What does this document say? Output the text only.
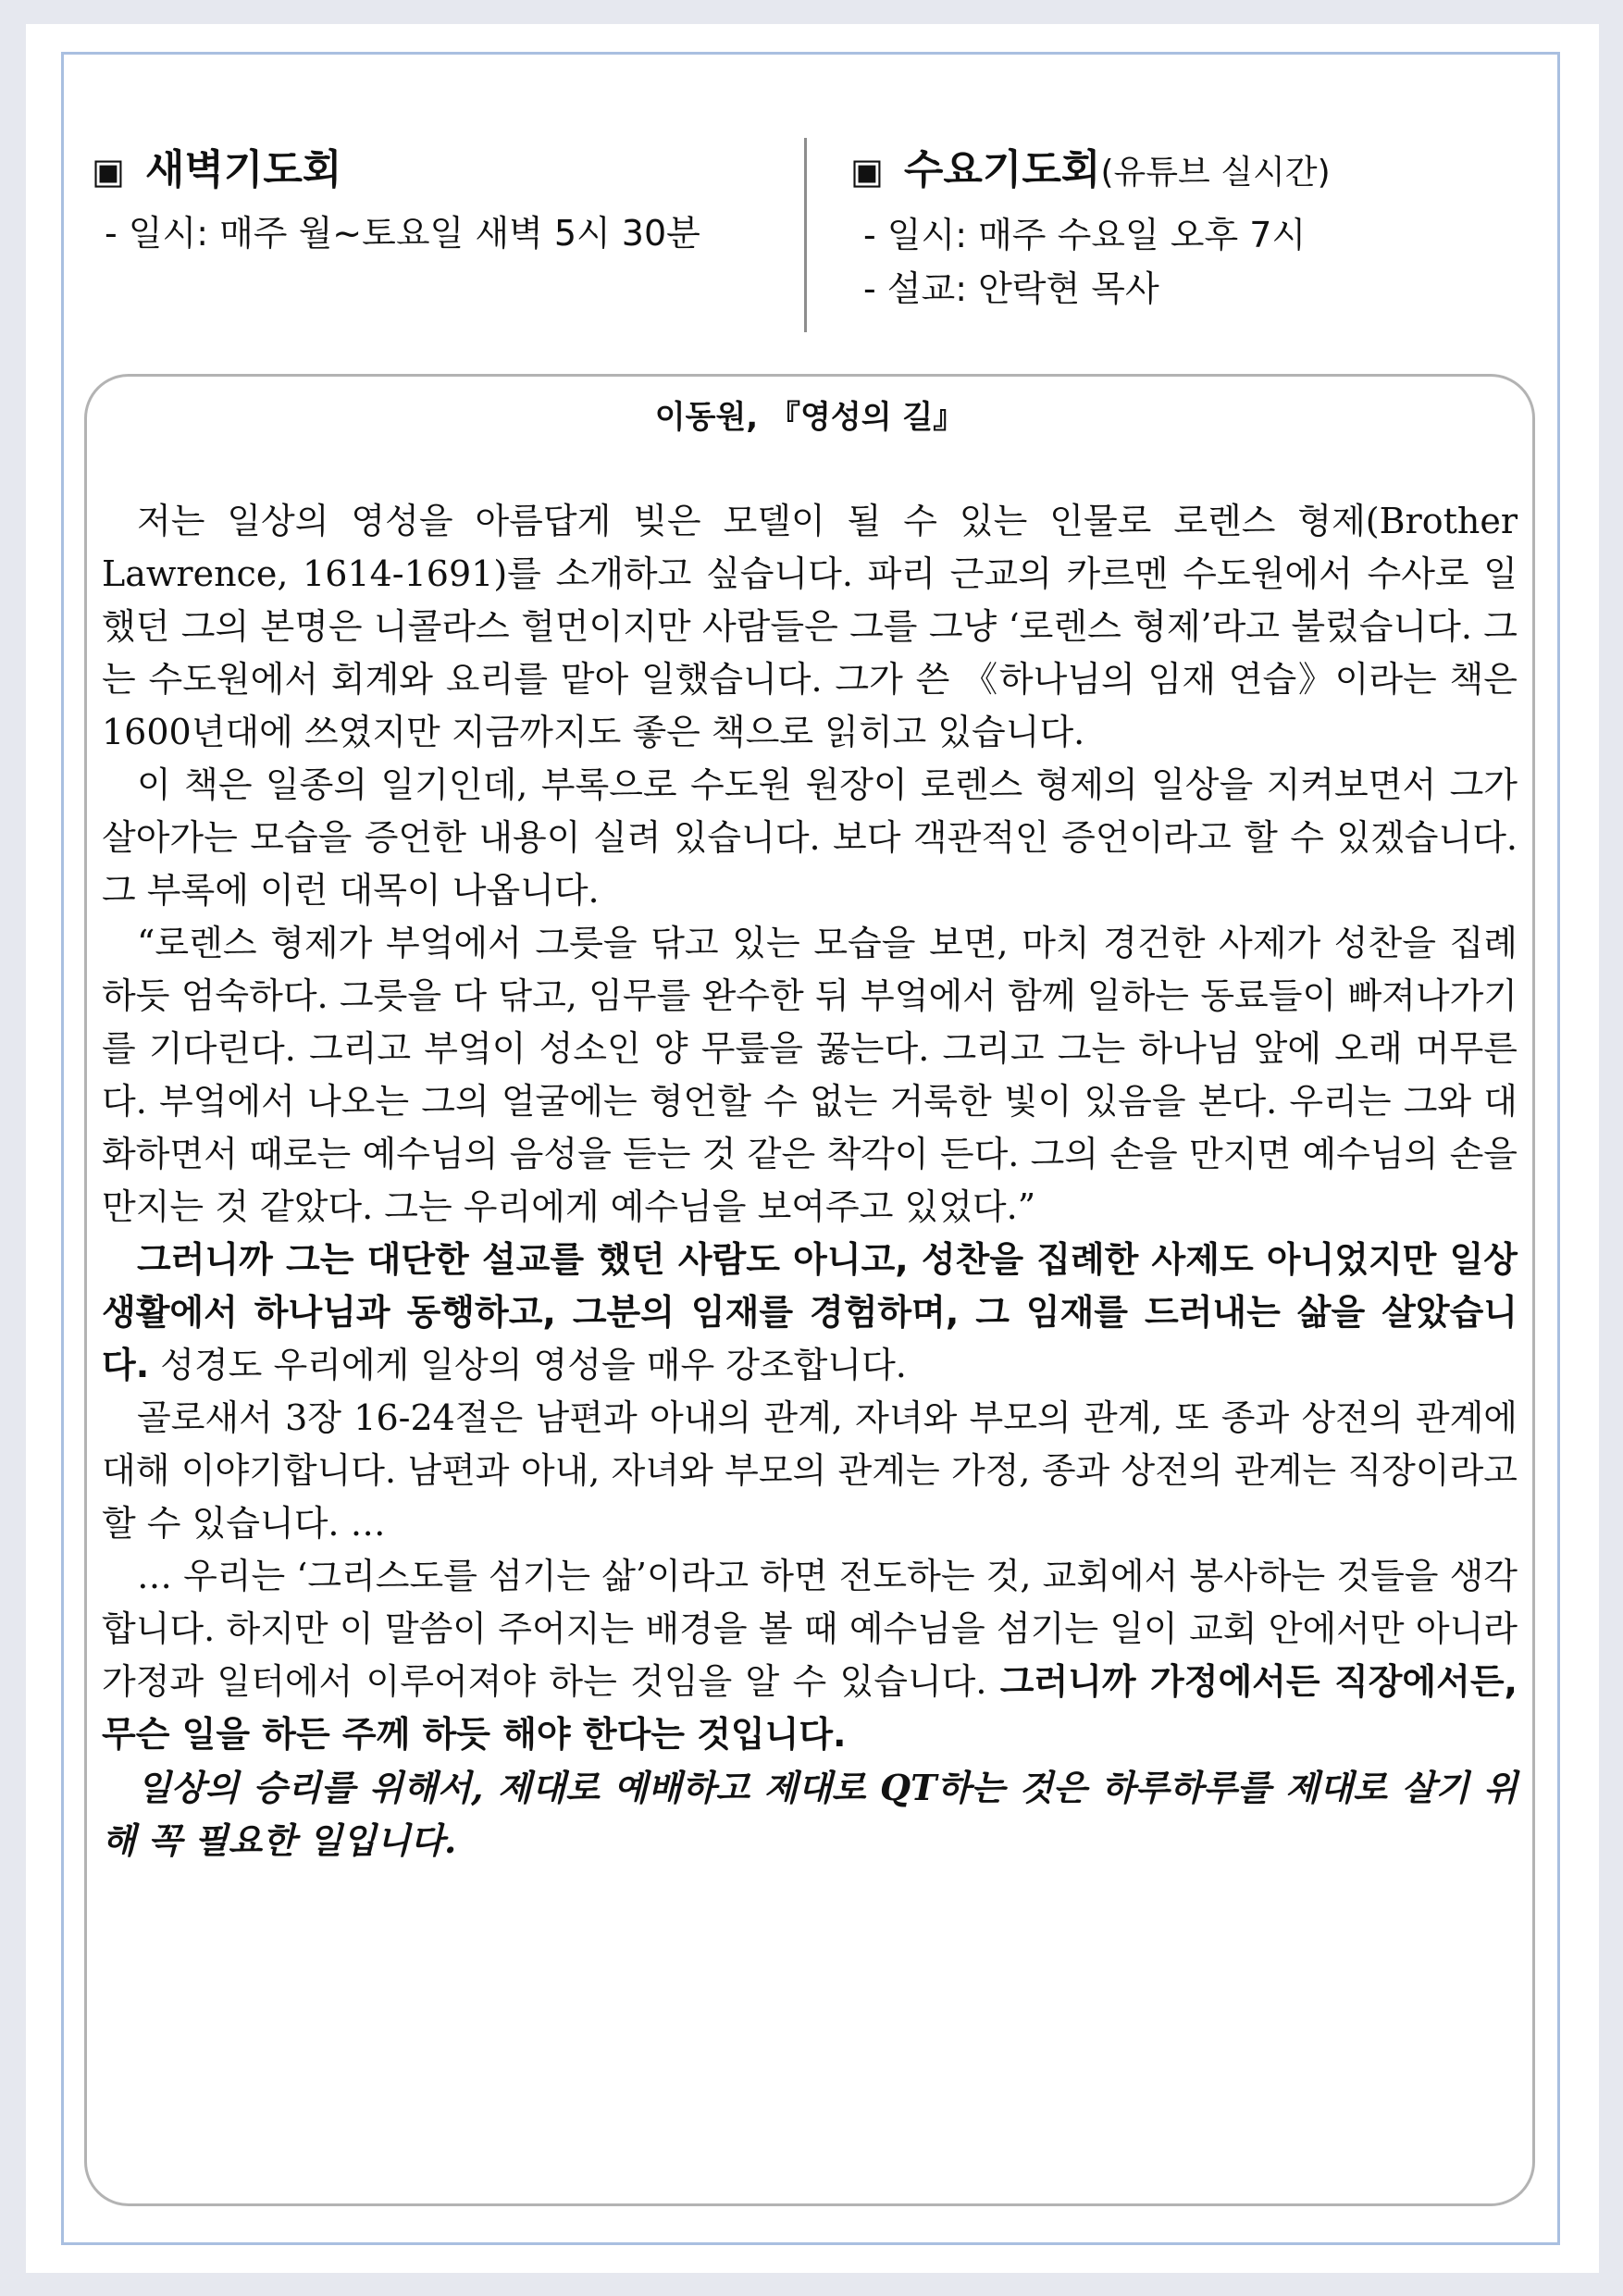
▣ 새벽기도회
- 일시: 매주 월~토요일 새벽 5시 30분
▣ 수요기도회(유튜브 실시간)
- 일시: 매주 수요일 오후 7시
- 설교: 안락현 목사
이동원, 『영성의 길』

저는 일상의 영성을 아름답게 빚은 모델이 될 수 있는 인물로 로렌스 형제(Brother Lawrence, 1614-1691)를 소개하고 싶습니다. 파리 근교의 카르멘 수도원에서 수사로 일했던 그의 본명은 니콜라스 헐먼이지만 사람들은 그를 그냥 ‘로렌스 형제’라고 불렀습니다. 그는 수도원에서 회계와 요리를 맡아 일했습니다. 그가 쓴 《하나님의 임재 연습》이라는 책은 1600년대에 쓰였지만 지금까지도 좋은 책으로 읽히고 있습니다.

이 책은 일종의 일기인데, 부록으로 수도원 원장이 로렌스 형제의 일상을 지켜보면서 그가 살아가는 모습을 증언한 내용이 실려 있습니다. 보다 객관적인 증언이라고 할 수 있겠습니다. 그 부록에 이런 대목이 나옵니다.

“로렌스 형제가 부엌에서 그릇을 닦고 있는 모습을 보면, 마치 경건한 사제가 성찬을 집례하듯 엄숙하다. 그릇을 다 닦고, 임무를 완수한 뒤 부엌에서 함께 일하는 동료들이 빠져나가기를 기다린다. 그리고 부엌이 성소인 양 무릎을 꿇는다. 그리고 그는 하나님 앞에 오래 머무른다. 부엌에서 나오는 그의 얼굴에는 형언할 수 없는 거룩한 빛이 있음을 본다. 우리는 그와 대화하면서 때로는 예수님의 음성을 듣는 것 같은 착각이 든다. 그의 손을 만지면 예수님의 손을 만지는 것 같았다. 그는 우리에게 예수님을 보여주고 있었다.”

그러니까 그는 대단한 설교를 했던 사람도 아니고, 성찬을 집례한 사제도 아니었지만 일상생활에서 하나님과 동행하고, 그분의 임재를 경험하며, 그 임재를 드러내는 삶을 살았습니다. 성경도 우리에게 일상의 영성을 매우 강조합니다.

골로새서 3장 16-24절은 남편과 아내의 관계, 자녀와 부모의 관계, 또 종과 상전의 관계에 대해 이야기합니다. 남편과 아내, 자녀와 부모의 관계는 가정, 종과 상전의 관계는 직장이라고 할 수 있습니다. …

… 우리는 ‘그리스도를 섬기는 삶’이라고 하면 전도하는 것, 교회에서 봉사하는 것들을 생각합니다. 하지만 이 말씀이 주어지는 배경을 볼 때 예수님을 섬기는 일이 교회 안에서만 아니라 가정과 일터에서 이루어져야 하는 것임을 알 수 있습니다. 그러니까 가정에서든 직장에서든, 무슨 일을 하든 주께 하듯 해야 한다는 것입니다.

일상의 승리를 위해서, 제대로 예배하고 제대로 QT하는 것은 하루하루를 제대로 살기 위해 꼭 필요한 일입니다.
